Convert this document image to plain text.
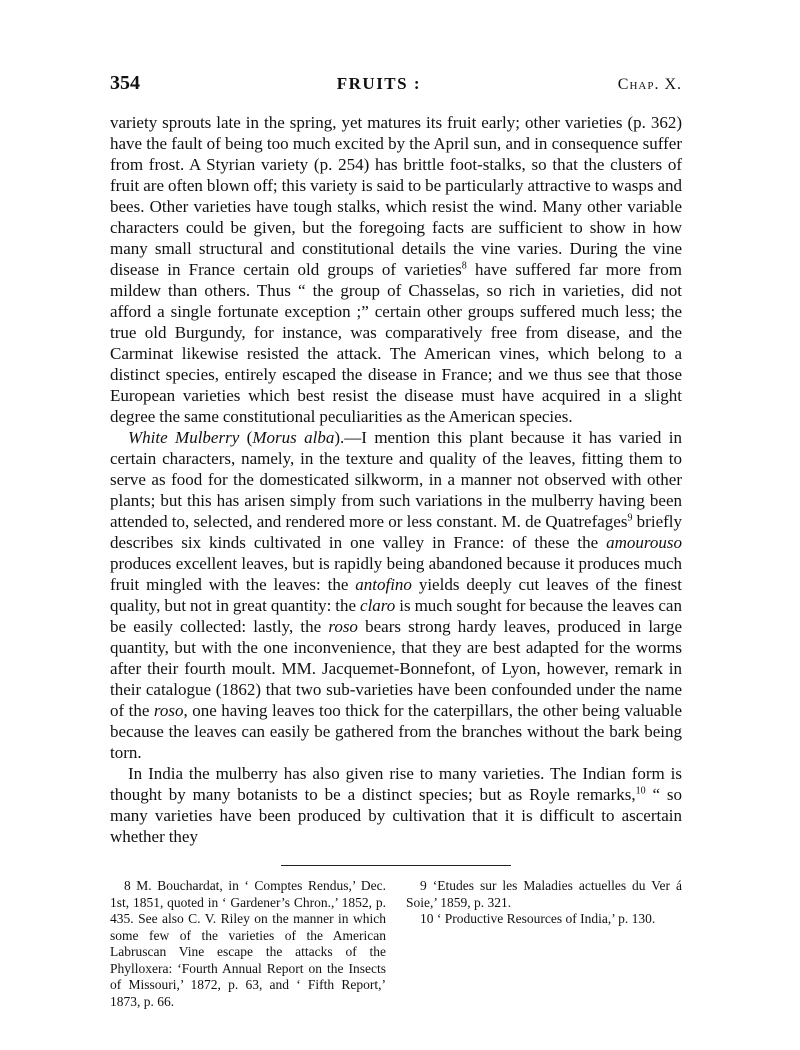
354	FRUITS :	Chap. X.

variety sprouts late in the spring, yet matures its fruit early; other varieties (p. 362) have the fault of being too much excited by the April sun, and in consequence suffer from frost. A Styrian variety (p. 254) has brittle foot-stalks, so that the clusters of fruit are often blown off; this variety is said to be particularly attractive to wasps and bees. Other varieties have tough stalks, which resist the wind. Many other variable characters could be given, but the foregoing facts are sufficient to show in how many small structural and constitutional details the vine varies. During the vine disease in France certain old groups of varieties$^8$ have suffered far more from mildew than others. Thus “ the group of Chasselas, so rich in varieties, did not afford a single fortunate exception ;” certain other groups suffered much less; the true old Burgundy, for instance, was comparatively free from disease, and the Carminat likewise resisted the attack. The American vines, which belong to a distinct species, entirely escaped the disease in France; and we thus see that those European varieties which best resist the disease must have acquired in a slight degree the same constitutional peculiarities as the American species.

White Mulberry (Morus alba).—I mention this plant because it has varied in certain characters, namely, in the texture and quality of the leaves, fitting them to serve as food for the domesticated silkworm, in a manner not observed with other plants; but this has arisen simply from such variations in the mulberry having been attended to, selected, and rendered more or less constant. M. de Quatrefages$^9$ briefly describes six kinds cultivated in one valley in France: of these the amourouso produces excellent leaves, but is rapidly being abandoned because it produces much fruit mingled with the leaves: the antofino yields deeply cut leaves of the finest quality, but not in great quantity: the claro is much sought for because the leaves can be easily collected: lastly, the roso bears strong hardy leaves, produced in large quantity, but with the one inconvenience, that they are best adapted for the worms after their fourth moult. MM. Jacquemet-Bonnefont, of Lyon, however, remark in their catalogue (1862) that two sub-varieties have been confounded under the name of the roso, one having leaves too thick for the caterpillars, the other being valuable because the leaves can easily be gathered from the branches without the bark being torn.

In India the mulberry has also given rise to many varieties. The Indian form is thought by many botanists to be a distinct species; but as Royle remarks,$^{10}$ “ so many varieties have been produced by cultivation that it is difficult to ascertain whether they

8 M. Bouchardat, in ‘ Comptes Rendus,’ Dec. 1st, 1851, quoted in ‘ Gardener’s Chron.,’ 1852, p. 435. See also C. V. Riley on the manner in which some few of the varieties of the American Labruscan Vine escape the attacks of the Phylloxera: ‘Fourth Annual Report on the Insects of Missouri,’ 1872, p. 63, and ‘ Fifth Report,’ 1873, p. 66.

9 ‘Etudes sur les Maladies actuelles du Ver á Soie,’ 1859, p. 321.

10 ‘ Productive Resources of India,’ p. 130.
